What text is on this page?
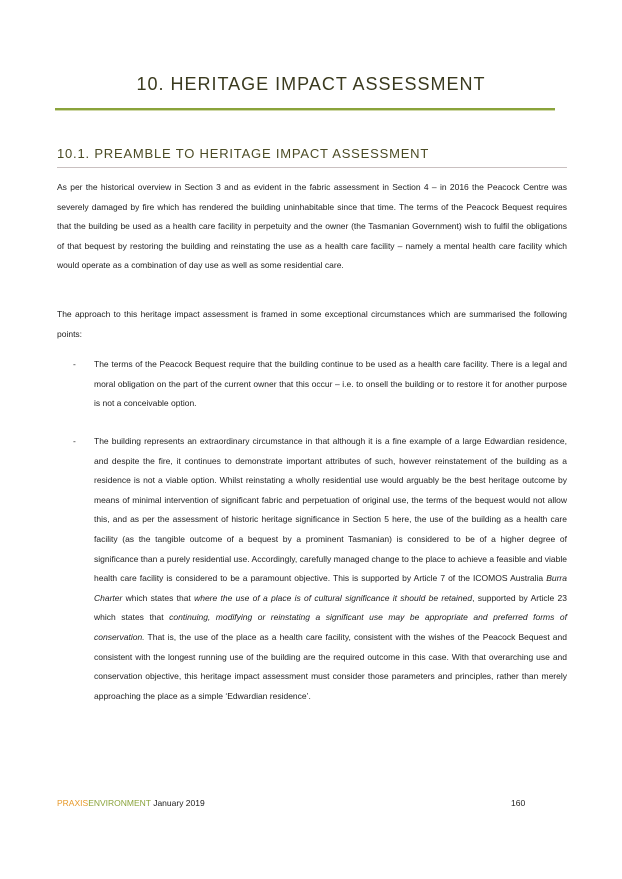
10. HERITAGE IMPACT ASSESSMENT
10.1. PREAMBLE TO HERITAGE IMPACT ASSESSMENT

As per the historical overview in Section 3 and as evident in the fabric assessment in Section 4 – in 2016 the Peacock Centre was severely damaged by fire which has rendered the building uninhabitable since that time. The terms of the Peacock Bequest requires that the building be used as a health care facility in perpetuity and the owner (the Tasmanian Government) wish to fulfil the obligations of that bequest by restoring the building and reinstating the use as a health care facility – namely a mental health care facility which would operate as a combination of day use as well as some residential care.

The approach to this heritage impact assessment is framed in some exceptional circumstances which are summarised the following points:

- The terms of the Peacock Bequest require that the building continue to be used as a health care facility. There is a legal and moral obligation on the part of the current owner that this occur – i.e. to onsell the building or to restore it for another purpose is not a conceivable option.

- The building represents an extraordinary circumstance in that although it is a fine example of a large Edwardian residence, and despite the fire, it continues to demonstrate important attributes of such, however reinstatement of the building as a residence is not a viable option. Whilst reinstating a wholly residential use would arguably be the best heritage outcome by means of minimal intervention of significant fabric and perpetuation of original use, the terms of the bequest would not allow this, and as per the assessment of historic heritage significance in Section 5 here, the use of the building as a health care facility (as the tangible outcome of a bequest by a prominent Tasmanian) is considered to be of a higher degree of significance than a purely residential use. Accordingly, carefully managed change to the place to achieve a feasible and viable health care facility is considered to be a paramount objective. This is supported by Article 7 of the ICOMOS Australia Burra Charter which states that where the use of a place is of cultural significance it should be retained, supported by Article 23 which states that continuing, modifying or reinstating a significant use may be appropriate and preferred forms of conservation. That is, the use of the place as a health care facility, consistent with the wishes of the Peacock Bequest and consistent with the longest running use of the building are the required outcome in this case. With that overarching use and conservation objective, this heritage impact assessment must consider those parameters and principles, rather than merely approaching the place as a simple ‘Edwardian residence’.

PRAXISENVIRONMENT January 2019	160
